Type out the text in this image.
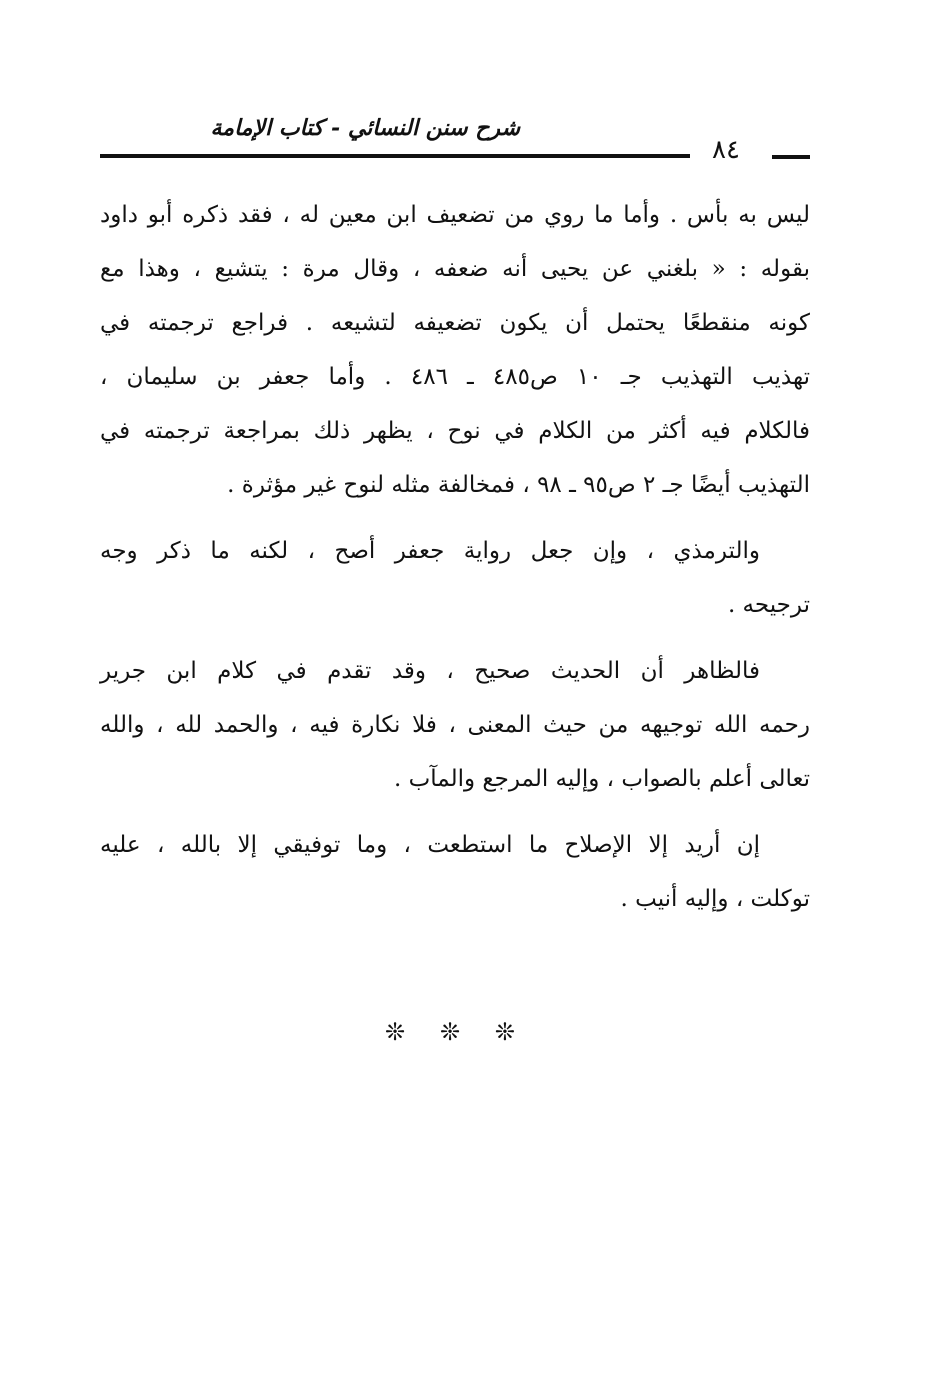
شرح سنن النسائي - كتاب الإمامة
٨٤
ليس به بأس . وأما ما روي من تضعيف ابن معين له ، فقد ذكره أبو داود
بقوله : « بلغني عن يحيى أنه ضعفه ، وقال مرة : يتشيع ، وهذا مع
كونه منقطعًا يحتمل أن يكون تضعيفه لتشيعه . فراجع ترجمته في
تهذيب التهذيب جـ ١٠ ص٤٨٥ ـ ٤٨٦ . وأما جعفر بن سليمان ،
فالكلام فيه أكثر من الكلام في نوح ، يظهر ذلك بمراجعة ترجمته في
التهذيب أيضًا جـ ٢ ص٩٥ ـ ٩٨ ، فمخالفة مثله لنوح غير مؤثرة .
والترمذي ، وإن جعل رواية جعفر أصح ، لكنه ما ذكر وجه
ترجيحه .
فالظاهر أن الحديث صحيح ، وقد تقدم في كلام ابن جرير
رحمه الله توجيهه من حيث المعنى ، فلا نكارة فيه ، والحمد لله ، والله
تعالى أعلم بالصواب ، وإليه المرجع والمآب .
إن أريد إلا الإصلاح ما استطعت ، وما توفيقي إلا بالله ، عليه
توكلت ، وإليه أنيب .
❊ ❊ ❊
